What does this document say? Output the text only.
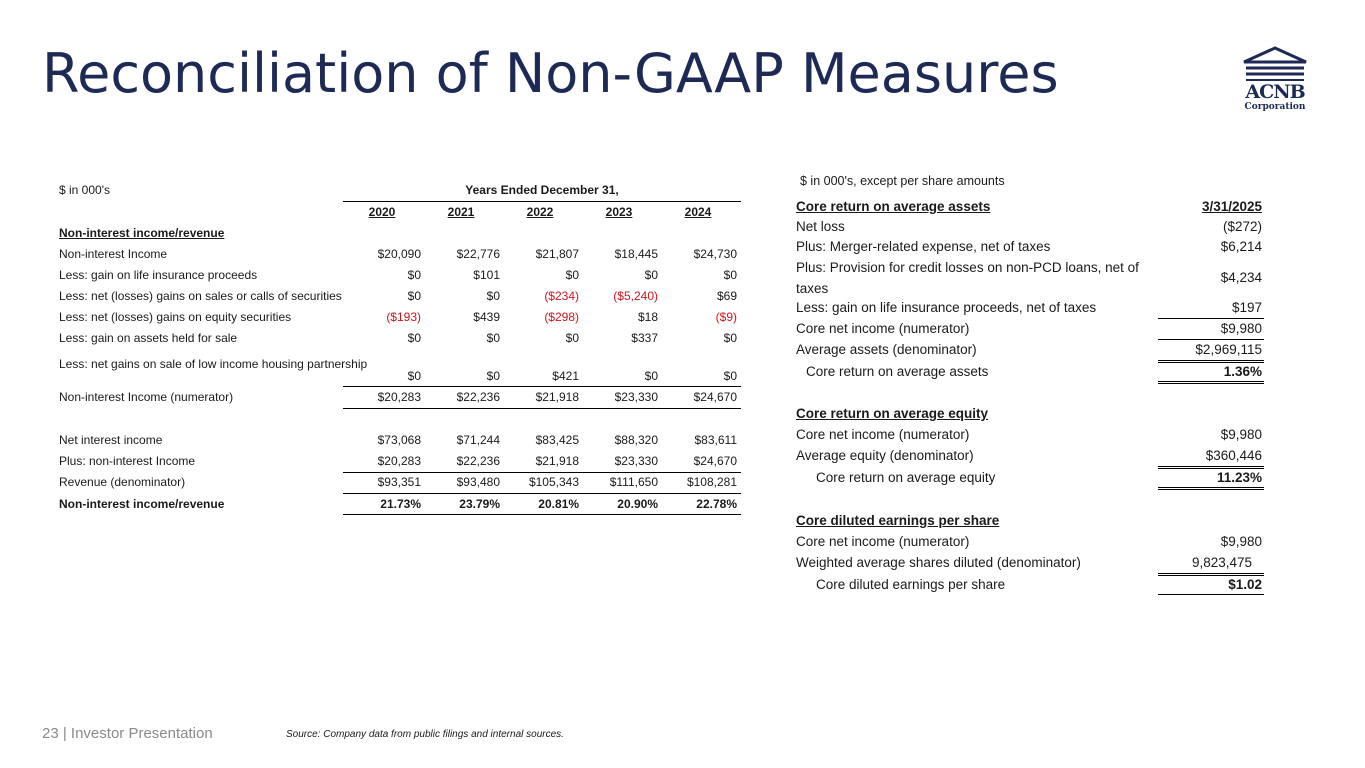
Reconciliation of Non-GAAP Measures	ACNB
Corporation
$ in 000's	Years Ended December 31,
2020	2021	2022	2023	2024
Non-interest income/revenue
Non-interest Income	$20,090	$22,776	$21,807	$18,445	$24,730
Less: gain on life insurance proceeds	$0	$101	$0	$0	$0
Less: net (losses) gains on sales or calls of securities	$0	$0	($234)	($5,240)	$69
Less: net (losses) gains on equity securities	($193)	$439	($298)	$18	($9)
Less: gain on assets held for sale	$0	$0	$0	$337	$0
Less: net gains on sale of low income housing partnership
$0	$0	$421	$0	$0
Non-interest Income (numerator)	$20,283	$22,236	$21,918	$23,330	$24,670
Net interest income	$73,068	$71,244	$83,425	$88,320	$83,611
Plus: non-interest Income	$20,283	$22,236	$21,918	$23,330	$24,670
Revenue (denominator)	$93,351	$93,480	$105,343	$111,650	$108,281
Non-interest income/revenue	21.73%	23.79%	20.81%	20.90%	22.78%
$ in 000's, except per share amounts
Core return on average assets	3/31/2025
Net loss	($272)
Plus: Merger-related expense, net of taxes	$6,214
Plus: Provision for credit losses on non-PCD loans, net of
taxes
$4,234
Less: gain on life insurance proceeds, net of taxes	$197
Core net income (numerator)	$9,980
Average assets (denominator)	$2,969,115
Core return on average assets	1.36%
Core return on average equity
Core net income (numerator)	$9,980
Average equity (denominator)	$360,446
Core return on average equity	11.23%
Core diluted earnings per share
Core net income (numerator)	$9,980
Weighted average shares diluted (denominator)	9,823,475
Core diluted earnings per share	$1.02
23 | Investor Presentation	Source: Company data from public filings and internal sources.
